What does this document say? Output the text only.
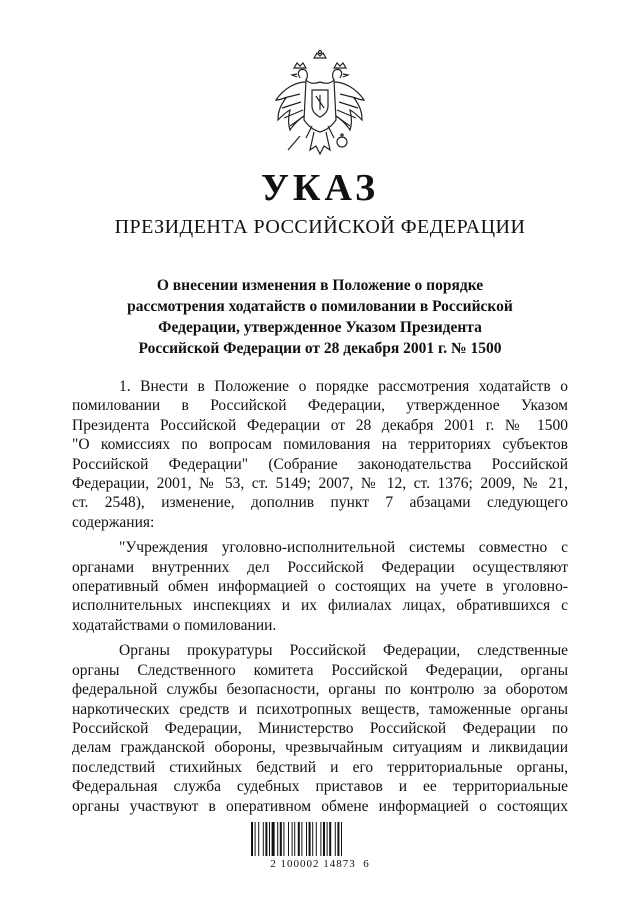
УКАЗ
ПРЕЗИДЕНТА РОССИЙСКОЙ ФЕДЕРАЦИИ
О внесении изменения в Положение о порядке
рассмотрения ходатайств о помиловании в Российской
Федерации, утвержденное Указом Президента
Российской Федерации от 28 декабря 2001 г. № 1500
1. Внести в Положение о порядке рассмотрения ходатайств о
помиловании в Российской Федерации, утвержденное Указом
Президента Российской Федерации от 28 декабря 2001 г. № 1500
"О комиссиях по вопросам помилования на территориях субъектов
Российской Федерации" (Собрание законодательства Российской
Федерации, 2001, № 53, ст. 5149; 2007, № 12, ст. 1376; 2009, № 21,
ст. 2548), изменение, дополнив пункт 7 абзацами следующего
содержания:
"Учреждения уголовно-исполнительной системы совместно с
органами внутренних дел Российской Федерации осуществляют
оперативный обмен информацией о состоящих на учете в уголовно-
исполнительных инспекциях и их филиалах лицах, обратившихся с
ходатайствами о помиловании.
Органы прокуратуры Российской Федерации, следственные
органы Следственного комитета Российской Федерации, органы
федеральной службы безопасности, органы по контролю за оборотом
наркотических средств и психотропных веществ, таможенные органы
Российской Федерации, Министерство Российской Федерации по
делам гражданской обороны, чрезвычайным ситуациям и ликвидации
последствий стихийных бедствий и его территориальные органы,
Федеральная служба судебных приставов и ее территориальные
органы участвуют в оперативном обмене информацией о состоящих
2 100002 14873  6
